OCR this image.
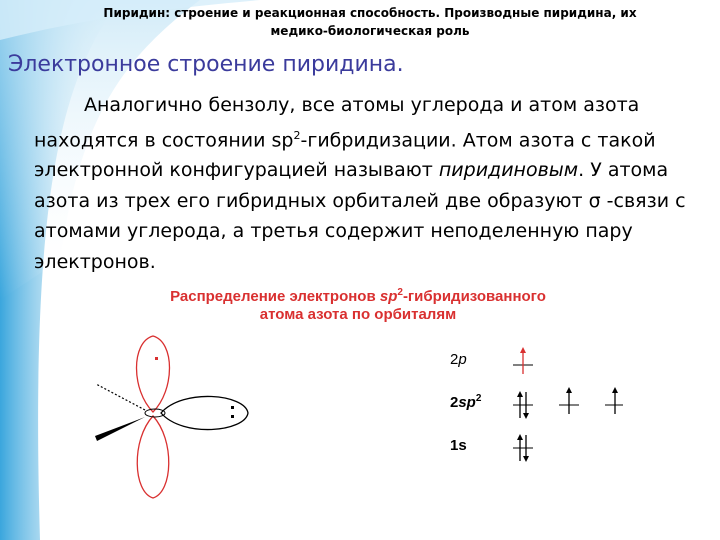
Пиридин: строение и реакционная способность. Производные пиридина, их
медико-биологическая роль
Электронное строение пиридина.
Аналогично бензолу, все атомы углерода и атом азота находятся в состоянии $sp^2$-гибридизации. Атом азота с такой электронной конфигурацией называют пиридиновым. У атома азота из трех его гибридных орбиталей две образуют σ -связи с атомами углерода, а третья содержит неподеленную пару электронов.
Распределение электронов $sp^2$-гибридизованного
атома азота по орбиталям
2p
$2sp^2$
1s
